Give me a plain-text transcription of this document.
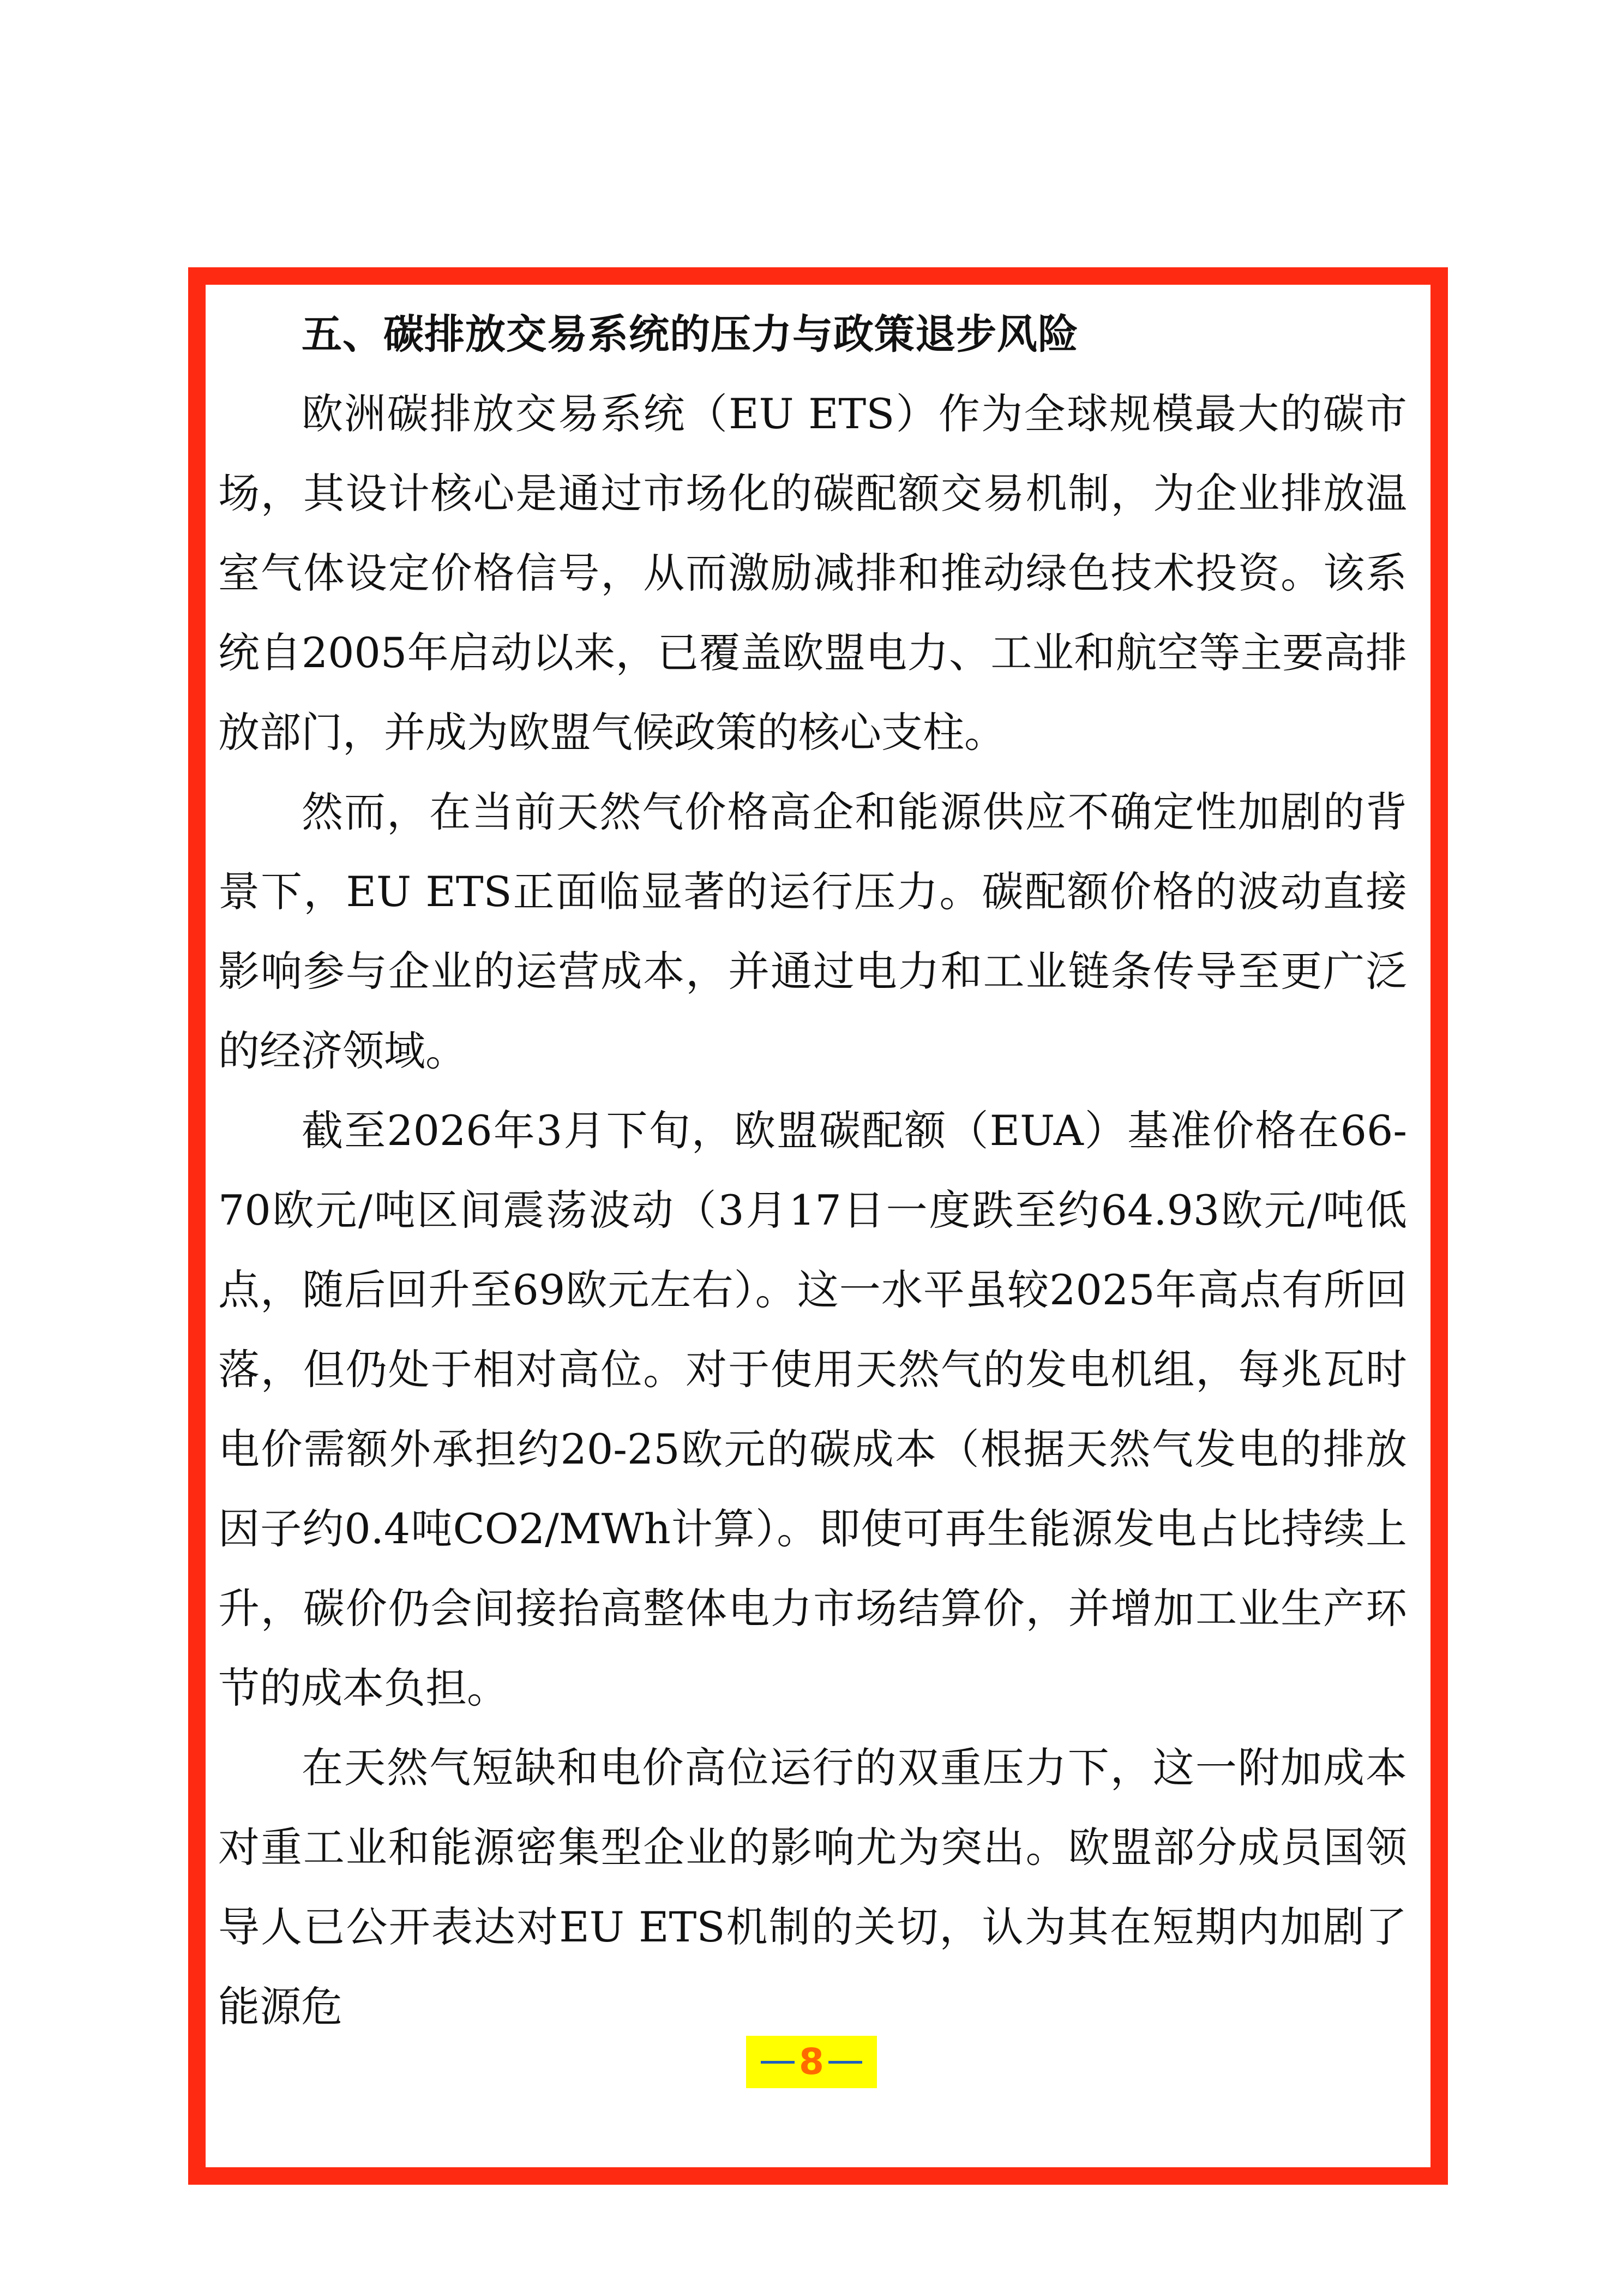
五、碳排放交易系统的压力与政策退步风险

欧洲碳排放交易系统（EU ETS）作为全球规模最大的碳市场，其设计核心是通过市场化的碳配额交易机制，为企业排放温室气体设定价格信号，从而激励减排和推动绿色技术投资。该系统自2005年启动以来，已覆盖欧盟电力、工业和航空等主要高排放部门，并成为欧盟气候政策的核心支柱。

然而，在当前天然气价格高企和能源供应不确定性加剧的背景下，EU ETS正面临显著的运行压力。碳配额价格的波动直接影响参与企业的运营成本，并通过电力和工业链条传导至更广泛的经济领域。

截至2026年3月下旬，欧盟碳配额（EUA）基准价格在66-70欧元/吨区间震荡波动（3月17日一度跌至约64.93欧元/吨低点，随后回升至69欧元左右）。这一水平虽较2025年高点有所回落，但仍处于相对高位。对于使用天然气的发电机组，每兆瓦时电价需额外承担约20-25欧元的碳成本（根据天然气发电的排放因子约0.4吨CO2/MWh计算）。即使可再生能源发电占比持续上升，碳价仍会间接抬高整体电力市场结算价，并增加工业生产环节的成本负担。

在天然气短缺和电价高位运行的双重压力下，这一附加成本对重工业和能源密集型企业的影响尤为突出。欧盟部分成员国领导人已公开表达对EU ETS机制的关切，认为其在短期内加剧了能源危

8
